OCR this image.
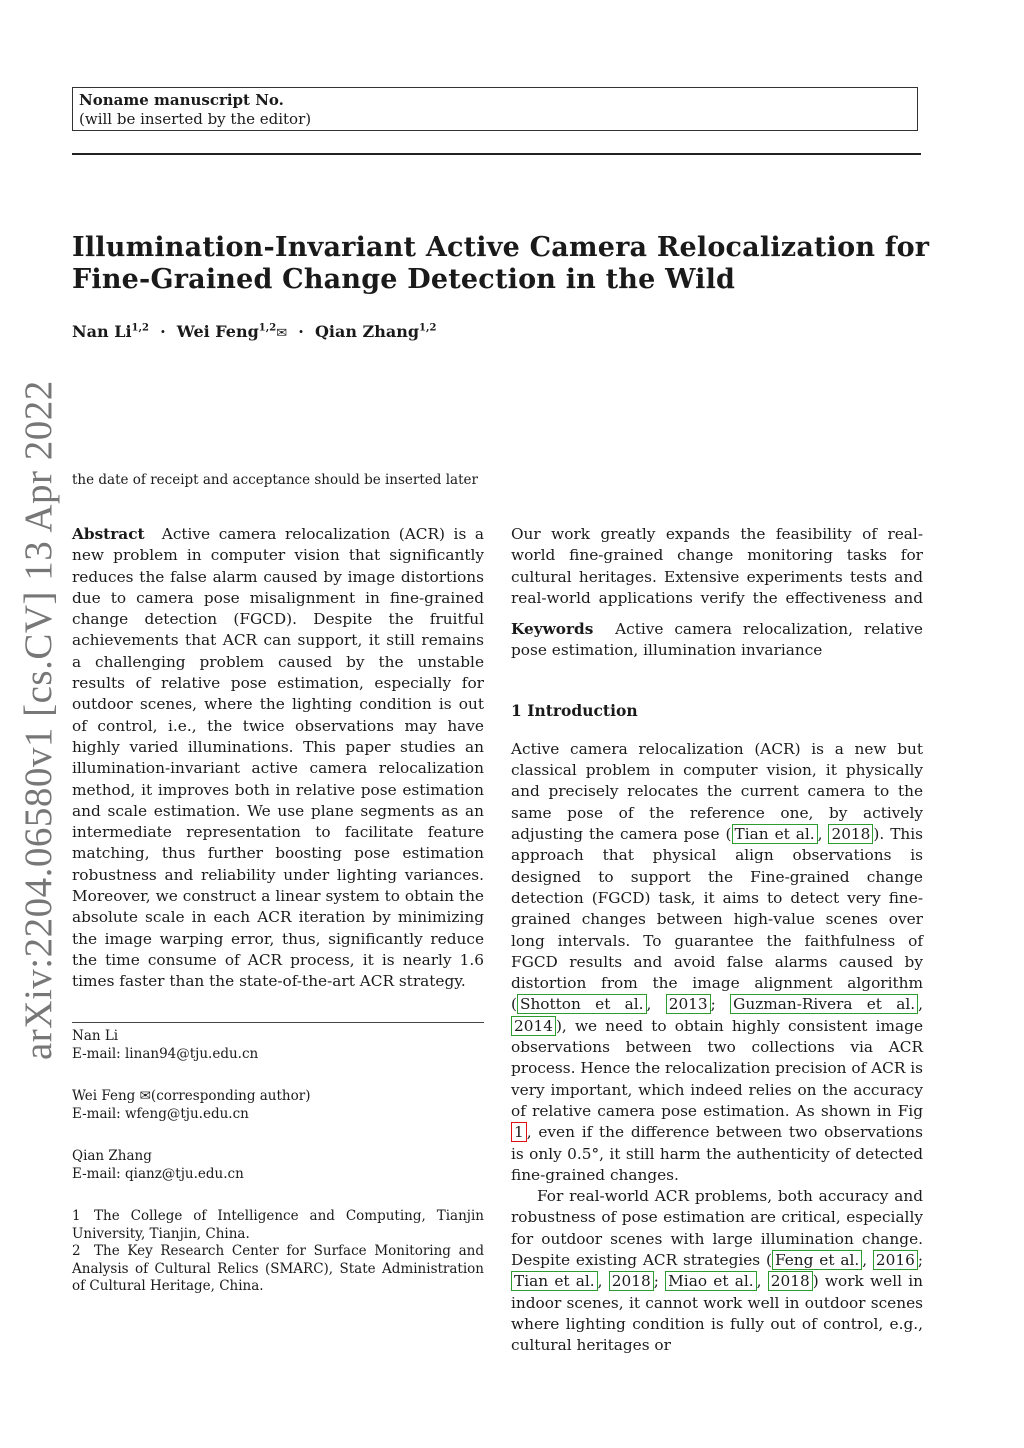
Noname manuscript No.
(will be inserted by the editor)
Illumination-Invariant Active Camera Relocalization for
Fine-Grained Change Detection in the Wild
Nan Li$^{1,2}$ · Wei Feng$^{1,2}$✉ · Qian Zhang$^{1,2}$
arXiv:2204.06580v1 [cs.CV] 13 Apr 2022 the date of receipt and acceptance should be inserted later

Abstract Active camera relocalization (ACR) is a new problem in computer vision that significantly reduces the false alarm caused by image distortions due to camera pose misalignment in fine-grained change detection (FGCD). Despite the fruitful achievements that ACR can support, it still remains a challenging problem caused by the unstable results of relative pose estimation, especially for outdoor scenes, where the lighting condition is out of control, i.e., the twice observations may have highly varied illuminations. This paper studies an illumination-invariant active camera relocalization method, it improves both in relative pose estimation and scale estimation. We use plane segments as an intermediate representation to facilitate feature matching, thus further boosting pose estimation robustness and reliability under lighting variances. Moreover, we construct a linear system to obtain the absolute scale in each ACR iteration by minimizing the image warping error, thus, significantly reduce the time consume of ACR process, it is nearly 1.6 times faster than the state-of-the-art ACR strategy.

Our work greatly expands the feasibility of real-world fine-grained change monitoring tasks for cultural heritages. Extensive experiments tests and real-world applications verify the effectiveness and

Keywords Active camera relocalization, relative pose estimation, illumination invariance

1 Introduction

Active camera relocalization (ACR) is a new but classical problem in computer vision, it physically and precisely relocates the current camera to the same pose of the reference one, by actively adjusting the camera pose ( Tian et al. , 2018 ). This approach that physical align observations is designed to support the Fine-grained change detection (FGCD) task, it aims to detect very fine-grained changes between high-value scenes over long intervals. To guarantee the faithfulness of FGCD results and avoid false alarms caused by distortion from the image alignment algorithm ( Shotton et al. , 2013 ; Guzman-Rivera et al. , 2014 ), we need to obtain highly consistent image observations between two collections via ACR process. Hence the relocalization precision of ACR is very important, which indeed relies on the accuracy of relative camera pose estimation. As shown in Fig 1 , even if the difference between two observations is only 0.5°, it still harm the authenticity of detected fine-grained changes.

For real-world ACR problems, both accuracy and robustness of pose estimation are critical, especially for outdoor scenes with large illumination change. Despite existing ACR strategies ( Feng et al. , 2016 ; Tian et al. , 2018 ; Miao et al. , 2018 ) work well in indoor scenes, it cannot work well in outdoor scenes where lighting condition is fully out of control, e.g., cultural heritages or

Nan Li
E-mail: linan94@tju.edu.cn
Wei Feng ✉(corresponding author)
E-mail: wfeng@tju.edu.cn
Qian Zhang
E-mail: qianz@tju.edu.cn
1 The College of Intelligence and Computing, Tianjin University, Tianjin, China.
2 The Key Research Center for Surface Monitoring and Analysis of Cultural Relics (SMARC), State Administration of Cultural Heritage, China.
